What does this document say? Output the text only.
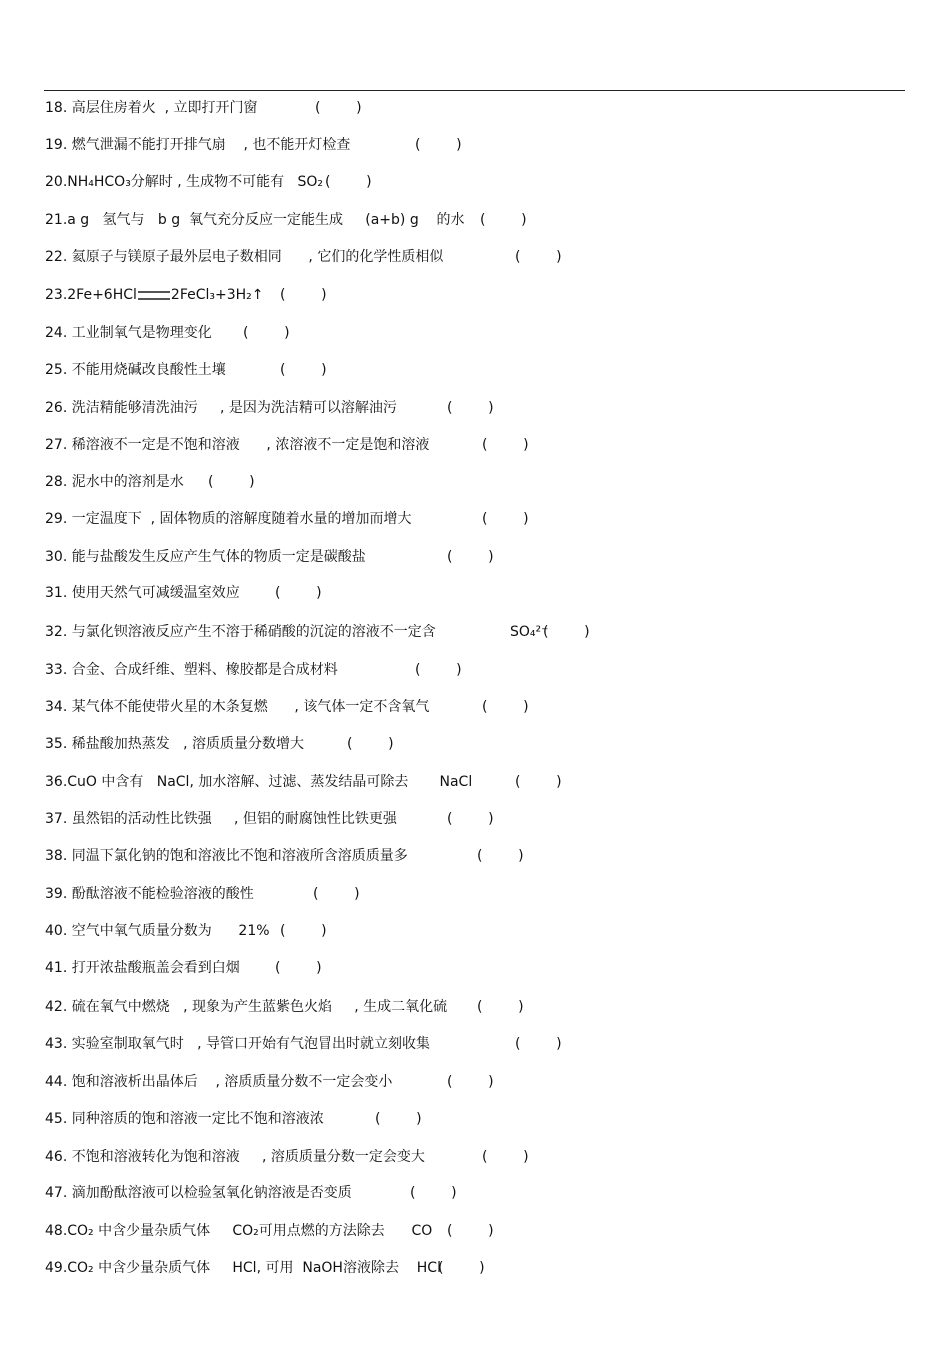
18. 高层住房着火  , 立即打开门窗	(        )
19. 燃气泄漏不能打开排气扇    , 也不能开灯检查	(        )
20.NH₄HCO₃分解时 , 生成物不可能有   SO₂ (        )
21.a g   氢气与   b g  氧气充分反应一定能生成     (a+b) g    的水 (        )
22. 氦原子与镁原子最外层电子数相同      , 它们的化学性质相似	(        )
23.2Fe+6HCl 2FeCl₃+3H₂↑ (        )
24. 工业制氧气是物理变化 (        )
25. 不能用烧碱改良酸性土壤	(        )
26. 洗洁精能够清洗油污     , 是因为洗洁精可以溶解油污	(        )
27. 稀溶液不一定是不饱和溶液      , 浓溶液不一定是饱和溶液	(        )
28. 泥水中的溶剂是水 (        )
29. 一定温度下  , 固体物质的溶解度随着水量的增加而增大	(        )
30. 能与盐酸发生反应产生气体的物质一定是碳酸盐	(        )
31. 使用天然气可减缓温室效应	(        )
32. 与氯化钡溶液反应产生不溶于稀硝酸的沉淀的溶液不一定含	SO₄²⁻
(        )
33. 合金、合成纤维、塑料、橡胶都是合成材料	(        )
34. 某气体不能使带火星的木条复燃      , 该气体一定不含氧气	(        )
35. 稀盐酸加热蒸发   , 溶质质量分数增大	(        )
36.CuO 中含有   NaCl, 加水溶解、过滤、蒸发结晶可除去       NaCl	(        )
37. 虽然铝的活动性比铁强     , 但铝的耐腐蚀性比铁更强	(        )
38. 同温下氯化钠的饱和溶液比不饱和溶液所含溶质质量多	(        )
39. 酚酞溶液不能检验溶液的酸性	(        )
40. 空气中氧气质量分数为      21% (        )
41. 打开浓盐酸瓶盖会看到白烟	(        )
42. 硫在氧气中燃烧   , 现象为产生蓝紫色火焰     , 生成二氧化硫 (        )
43. 实验室制取氧气时   , 导管口开始有气泡冒出时就立刻收集	(        )
44. 饱和溶液析出晶体后    , 溶质质量分数不一定会变小	(        )
45. 同种溶质的饱和溶液一定比不饱和溶液浓	(        )
46. 不饱和溶液转化为饱和溶液     , 溶质质量分数一定会变大	(        )
47. 滴加酚酞溶液可以检验氢氧化钠溶液是否变质	(        )
48.CO₂ 中含少量杂质气体     CO₂可用点燃的方法除去      CO (        )
49.CO₂ 中含少量杂质气体     HCl, 可用  NaOH溶液除去    HCl
(        )
